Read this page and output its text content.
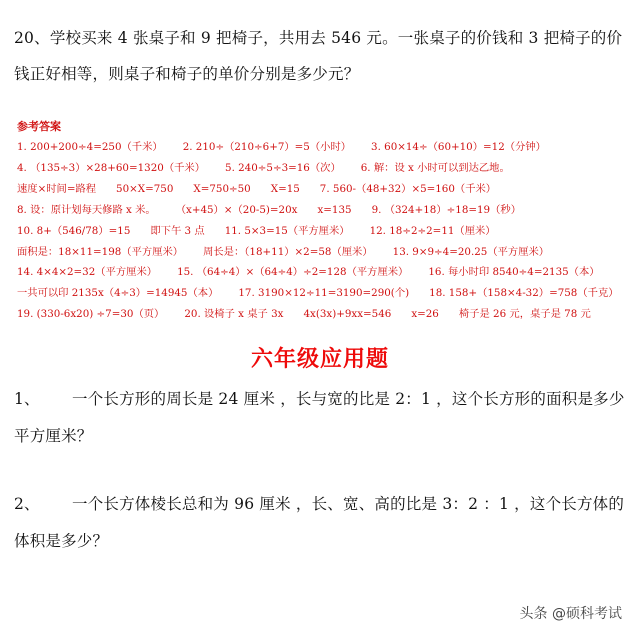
20、学校买来 4 张桌子和 9 把椅子，共用去 546 元。一张桌子的价钱和 3 把椅子的价钱正好相等，则桌子和椅子的单价分别是多少元？
参考答案
1. 200+200÷4=250（千米） 2. 210÷（210÷6+7）=5（小时） 3. 60×14÷（60+10）=12（分钟）
4. （135÷3）×28+60=1320（千米） 5. 240÷5÷3=16（次） 6. 解：设 x 小时可以到达乙地。
速度×时间=路程 50×X=750 X=750÷50 X=15 7. 560-（48+32）×5=160（千米）
8. 设：原计划每天修路 x 米。 （x+45）×（20-5)=20x x=135 9. （324+18）÷18=19（秒）
10. 8+（546/78）=15 即下午 3 点 11. 5×3=15（平方厘米） 12. 18÷2÷2=11（厘米）
面积是：18×11=198（平方厘米） 周长是：（18+11）×2=58（厘米） 13. 9×9÷4=20.25（平方厘米）
14. 4×4×2=32（平方厘米） 15. （64÷4）×（64÷4）÷2=128（平方厘米） 16. 每小时印 8540÷4=2135（本）
一共可以印 2135x（4÷3）=14945（本） 17. 3190×12÷11=3190=290(个) 18. 158+（158×4-32）=758（千克）
19. (330-6x20) ÷7=30（页） 20. 设椅子 x 桌子 3x 4x(3x)+9xx=546 x=26 椅子是 26 元，桌子是 78 元
六年级应用题
1、 一个长方形的周长是 24 厘米 ，长与宽的比是 2：1 ，这个长方形的面积是多少平方厘米？
2、 一个长方体棱长总和为 96 厘米 ，长、宽、高的比是 3：2 ：1 ，这个长方体的体积是多少？
头条 @硕科考试
